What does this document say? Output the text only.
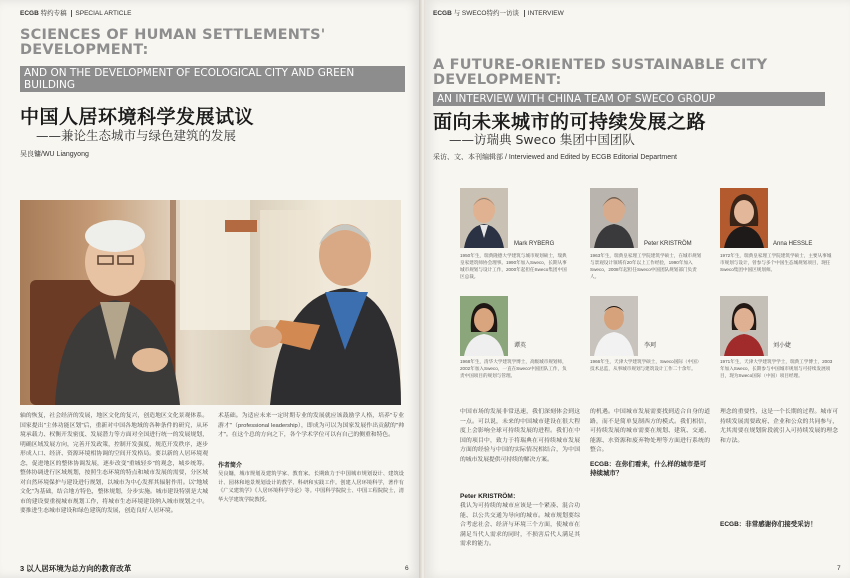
ECGB 特约专稿 SPECIAL ARTICLE
SCIENCES OF HUMAN SETTLEMENTS'
DEVELOPMENT:
AND ON THE DEVELOPMENT OF ECOLOGICAL CITY AND GREEN BUILDING
中国人居环境科学发展试议
——兼论生态城市与绿色建筑的发展
吴良镛/WU Liangyong
轴的恢复，社会经济的发展，地区文化的复兴，创造地区文化景观体系。国家提出"主体功能区划"后，重新对中国各地域的各种条件的研究，从环境承载力、权衡开发密度、发展潜力等方面对全国进行统一的发展规划，明确区域发展方向，完善开发政策，控制开发强度，规范开发秩序，逐步形成人口、经济、资源环境相协调的空间开发格局。要以新的人居环境观念，促进地区的整体协调发展，逐步改变"重城轻乡"的观念，城乡统筹。整体协调进行区域规划，按照生态环境的特点和城市发展的需要，分区域对自然环境保护与建设进行规划，以城市为中心发挥其辐射作用。以"地域文化"为基础，结合地方特色，整体规划，分步实施。城市建设特别是大城市的建设要重视城市规划工作，将城市生态环境建设纳入城市规划之中。要推进生态城市建设和绿色建筑的发展，创造良好人居环境。
术基础。为适应未来一定时期专业的发展就应该鼓励学人格，培养"专业游才"（professional leadership），即成为可以为国家发展作出贡献的"帅才"。在这个总的方向之下，各个学术学位可以有自己的侧重和特色。
作者简介
吴良镛，城市规划及建筑学家、教育家。长期致力于中国城市规划设计、建筑设计、园林和地景规划设计的教学、科研和实践工作。创建人居环境科学，著作有《广义建筑学》《人居环境科学导论》等。中国科学院院士、中国工程院院士，清华大学建筑学院教授。
3 以人居环境为总方向的教育改革	6
ECGB 与 SWECO特约一访谈 INTERVIEW
A FUTURE-ORIENTED SUSTAINABLE CITY
DEVELOPMENT:
AN INTERVIEW WITH CHINA TEAM OF SWECO GROUP
面向未来城市的可持续发展之路
——访瑞典 Sweco 集团中国团队
采访、文、本刊编辑部 / Interviewed and Edited by ECGB Editorial Department
Mark RYBERG
1950年生，瑞典隆德大学建筑与城市规划硕士，瑞典皇家建筑师协会理事。1990年加入Sweco，长期从事城市规划与设计工作，2000年起担任Sweco集团中国区总裁。
Peter KRISTRÖM
1963年生，瑞典皇家理工学院建筑学硕士，在城市规划与景观设计领域有20年以上工作经验，1990年加入Sweco，2008年起担任Sweco中国团队规划部门负责人。
Anna HESSLE
1972年生，瑞典皇家理工学院建筑学硕士，主要从事城市规划与设计，曾参与多个中国生态城规划项目，现任Sweco集团中国区规划师。
谭英
1968年生，清华大学建筑学博士，高级城市规划师，2002年加入Sweco，一直在Sweco中国团队工作，负责中国项目的规划与管理。
李珂
1966年生，天津大学建筑学硕士，Sweco国际（中国）技术总监，从事城市规划与建筑设计工作二十余年。
刘小婕
1971年生，天津大学建筑学学士，瑞典工学博士，2003年加入Sweco，长期参与中国城市规划与可持续发展项目，现为Sweco国际（中国）项目经理。
中国市场的发展非常迅速，我们深刻体会到这一点。可以说，未来的中国城市建设在很大程度上会影响全球可持续发展的进程。我们在中国的项目中，致力于将瑞典在可持续城市发展方面的经验与中国的实际情况相结合，为中国的城市发展提供可持续的解决方案。
Peter KRISTRÖM：
我认为可持续的城市应该是一个紧凑、混合功能、以公共交通为导向的城市。城市规划要综合考虑社会、经济与环境三个方面，使城市在满足当代人需求的同时，不损害后代人满足其需求的能力。
的机遇。中国城市发展需要找到适合自身的道路，而不是简单复制西方的模式。我们相信，可持续发展的城市需要在规划、建筑、交通、能源、水资源和废弃物处理等方面进行系统的整合。
ECGB：在你们看来，什么样的城市是可持续城市？
理念的重要性，这是一个长期的过程。城市可持续发展需要政府、企业和公众的共同参与，尤其需要在规划阶段就引入可持续发展的理念和方法。
ECGB：非常感谢你们接受采访！
7
